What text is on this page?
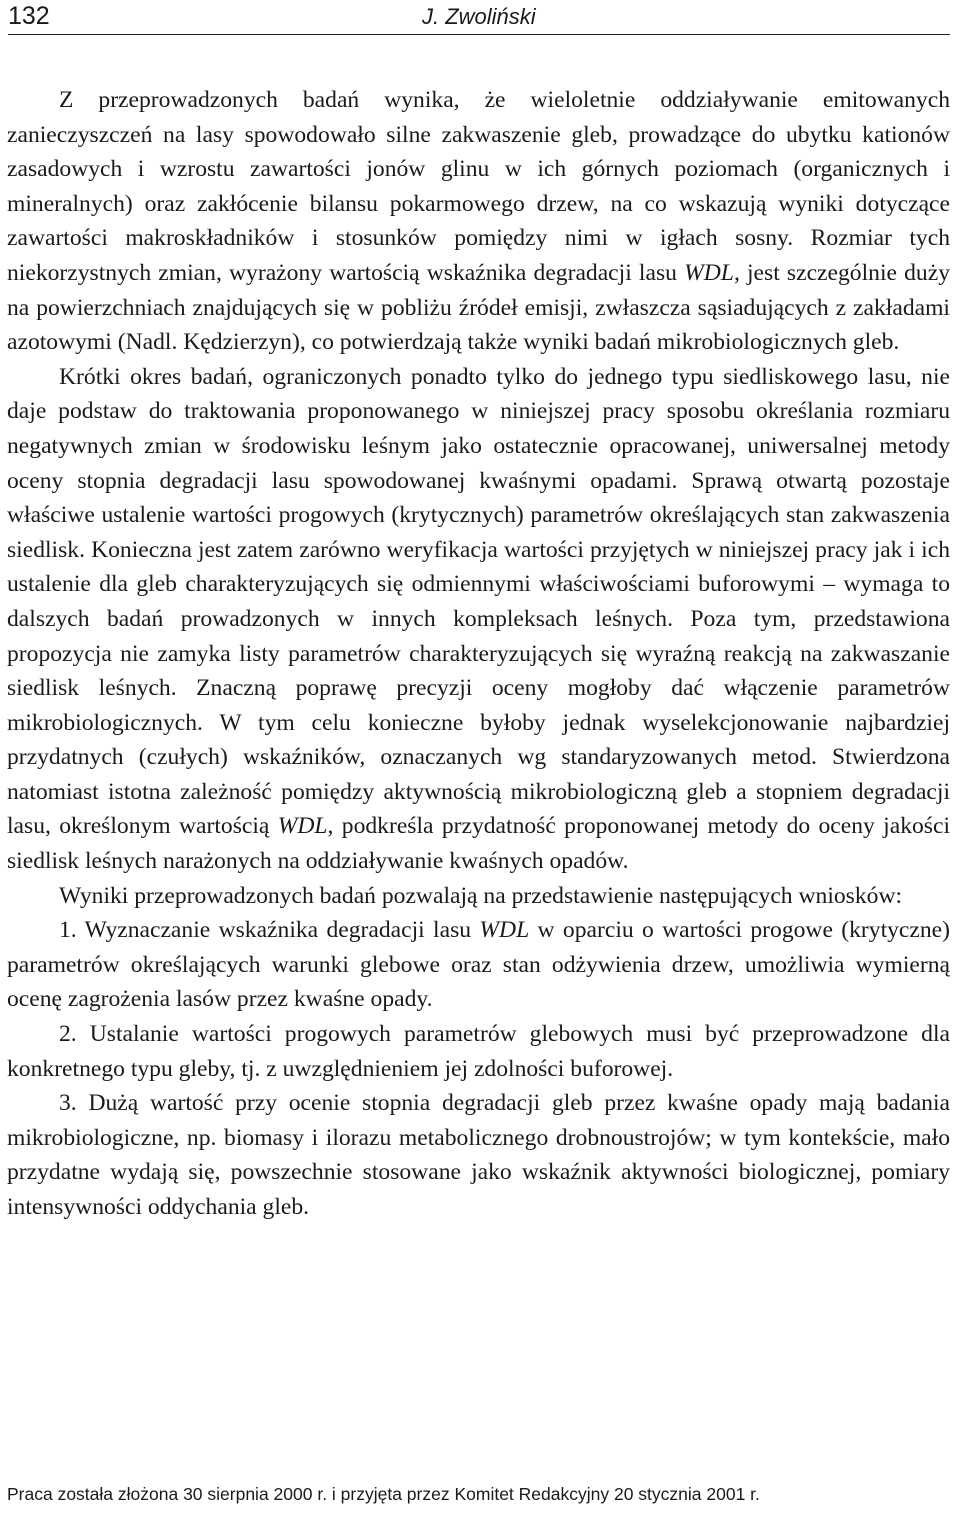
132	J. Zwoliński

Z przeprowadzonych badań wynika, że wieloletnie oddziaływanie emitowanych zanieczyszczeń na lasy spowodowało silne zakwaszenie gleb, prowadzące do ubytku kationów zasadowych i wzrostu zawartości jonów glinu w ich górnych poziomach (organicznych i mineralnych) oraz zakłócenie bilansu pokarmowego drzew, na co wskazują wyniki dotyczące zawartości makroskładników i stosunków pomiędzy nimi w igłach sosny. Rozmiar tych niekorzystnych zmian, wyrażony wartością wskaźnika degradacji lasu WDL, jest szczególnie duży na powierzchniach znajdujących się w pobliżu źródeł emisji, zwłaszcza sąsiadujących z zakładami azotowymi (Nadl. Kędzierzyn), co potwierdzają także wyniki badań mikrobiologicznych gleb.

Krótki okres badań, ograniczonych ponadto tylko do jednego typu siedliskowego lasu, nie daje podstaw do traktowania proponowanego w niniejszej pracy sposobu określania rozmiaru negatywnych zmian w środowisku leśnym jako ostatecznie opracowanej, uniwersalnej metody oceny stopnia degradacji lasu spowodowanej kwaśnymi opadami. Sprawą otwartą pozostaje właściwe ustalenie wartości progowych (krytycznych) parametrów określających stan zakwaszenia siedlisk. Konieczna jest zatem zarówno weryfikacja wartości przyjętych w niniejszej pracy jak i ich ustalenie dla gleb charakteryzujących się odmiennymi właściwościami buforowymi – wymaga to dalszych badań prowadzonych w innych kompleksach leśnych. Poza tym, przedstawiona propozycja nie zamyka listy parametrów charakteryzujących się wyraźną reakcją na zakwaszanie siedlisk leśnych. Znaczną poprawę precyzji oceny mogłoby dać włączenie parametrów mikrobiologicznych. W tym celu konieczne byłoby jednak wyselekcjonowanie najbardziej przydatnych (czułych) wskaźników, oznaczanych wg standaryzowanych metod. Stwierdzona natomiast istotna zależność pomiędzy aktywnością mikrobiologiczną gleb a stopniem degradacji lasu, określonym wartością WDL, podkreśla przydatność proponowanej metody do oceny jakości siedlisk leśnych narażonych na oddziaływanie kwaśnych opadów.

Wyniki przeprowadzonych badań pozwalają na przedstawienie następujących wniosków:

1. Wyznaczanie wskaźnika degradacji lasu WDL w oparciu o wartości progowe (krytyczne) parametrów określających warunki glebowe oraz stan odżywienia drzew, umożliwia wymierną ocenę zagrożenia lasów przez kwaśne opady.

2. Ustalanie wartości progowych parametrów glebowych musi być przeprowadzone dla konkretnego typu gleby, tj. z uwzględnieniem jej zdolności buforowej.

3. Dużą wartość przy ocenie stopnia degradacji gleb przez kwaśne opady mają badania mikrobiologiczne, np. biomasy i ilorazu metabolicznego drobnoustrojów; w tym kontekście, mało przydatne wydają się, powszechnie stosowane jako wskaźnik aktywności biologicznej, pomiary intensywności oddychania gleb.

Praca została złożona 30 sierpnia 2000 r. i przyjęta przez Komitet Redakcyjny 20 stycznia 2001 r.
